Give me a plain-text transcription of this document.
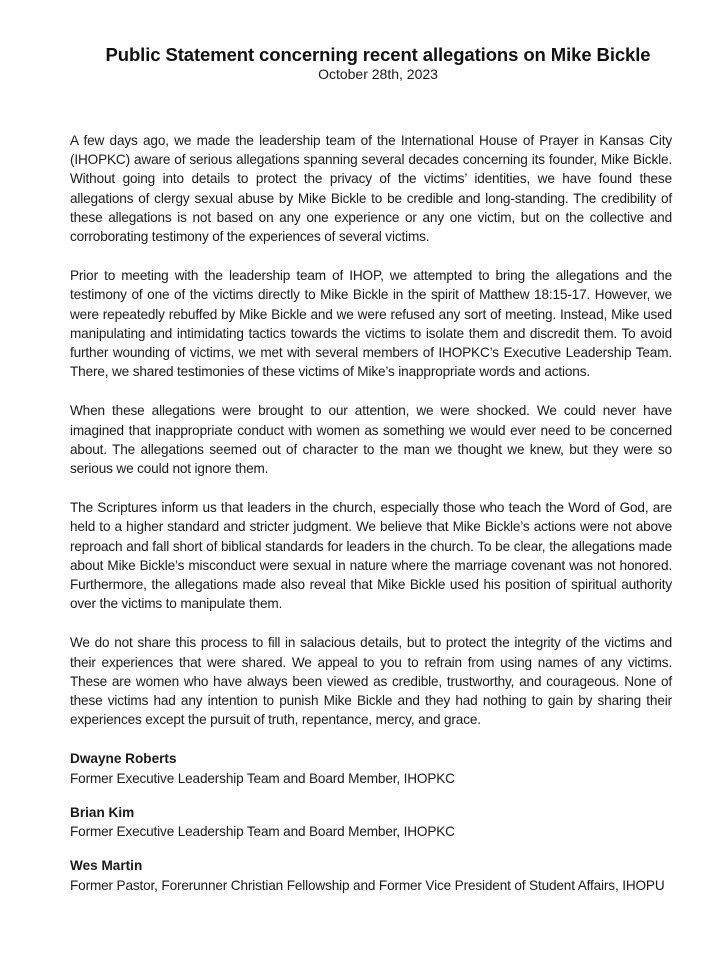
Public Statement concerning recent allegations on Mike Bickle

October 28th, 2023

A few days ago, we made the leadership team of the International House of Prayer in Kansas City (IHOPKC) aware of serious allegations spanning several decades concerning its founder, Mike Bickle. Without going into details to protect the privacy of the victims’ identities, we have found these allegations of clergy sexual abuse by Mike Bickle to be credible and long-standing. The credibility of these allegations is not based on any one experience or any one victim, but on the collective and corroborating testimony of the experiences of several victims.

Prior to meeting with the leadership team of IHOP, we attempted to bring the allegations and the testimony of one of the victims directly to Mike Bickle in the spirit of Matthew 18:15-17. However, we were repeatedly rebuffed by Mike Bickle and we were refused any sort of meeting. Instead, Mike used manipulating and intimidating tactics towards the victims to isolate them and discredit them. To avoid further wounding of victims, we met with several members of IHOPKC’s Executive Leadership Team. There, we shared testimonies of these victims of Mike’s inappropriate words and actions.

When these allegations were brought to our attention, we were shocked. We could never have imagined that inappropriate conduct with women as something we would ever need to be concerned about. The allegations seemed out of character to the man we thought we knew, but they were so serious we could not ignore them.

The Scriptures inform us that leaders in the church, especially those who teach the Word of God, are held to a higher standard and stricter judgment. We believe that Mike Bickle’s actions were not above reproach and fall short of biblical standards for leaders in the church. To be clear, the allegations made about Mike Bickle’s misconduct were sexual in nature where the marriage covenant was not honored. Furthermore, the allegations made also reveal that Mike Bickle used his position of spiritual authority over the victims to manipulate them.

We do not share this process to fill in salacious details, but to protect the integrity of the victims and their experiences that were shared. We appeal to you to refrain from using names of any victims. These are women who have always been viewed as credible, trustworthy, and courageous. None of these victims had any intention to punish Mike Bickle and they had nothing to gain by sharing their experiences except the pursuit of truth, repentance, mercy, and grace.

Dwayne Roberts
Former Executive Leadership Team and Board Member, IHOPKC
Brian Kim
Former Executive Leadership Team and Board Member, IHOPKC
Wes Martin
Former Pastor, Forerunner Christian Fellowship and Former Vice President of Student Affairs, IHOPU
